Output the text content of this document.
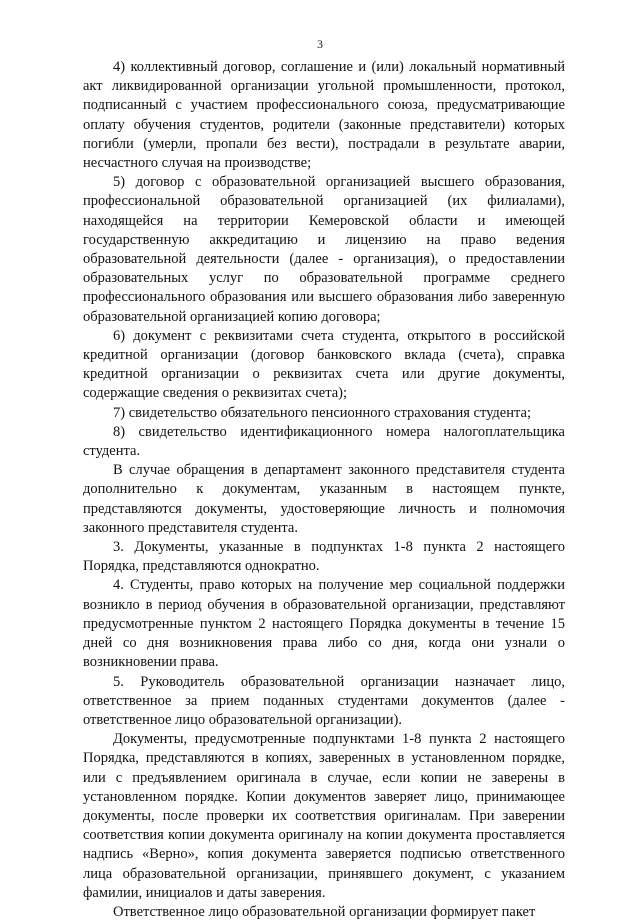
3

4) коллективный договор, соглашение и (или) локальный нормативный акт ликвидированной организации угольной промышленности, протокол, подписанный с участием профессионального союза, предусматривающие оплату обучения студентов, родители (законные представители) которых погибли (умерли, пропали без вести), пострадали в результате аварии, несчастного случая на производстве;

5) договор с образовательной организацией высшего образования, профессиональной образовательной организацией (их филиалами), находящейся на территории Кемеровской области и имеющей государственную аккредитацию и лицензию на право ведения образовательной деятельности (далее - организация), о предоставлении образовательных услуг по образовательной программе среднего профессионального образования или высшего образования либо заверенную образовательной организацией копию договора;

6) документ с реквизитами счета студента, открытого в российской кредитной организации (договор банковского вклада (счета), справка кредитной организации о реквизитах счета или другие документы, содержащие сведения о реквизитах счета);

7) свидетельство обязательного пенсионного страхования студента;

8) свидетельство идентификационного номера налогоплательщика студента.

В случае обращения в департамент законного представителя студента дополнительно к документам, указанным в настоящем пункте, представляются документы, удостоверяющие личность и полномочия законного представителя студента.

3. Документы, указанные в подпунктах 1-8 пункта 2 настоящего Порядка, представляются однократно.

4. Студенты, право которых на получение мер социальной поддержки возникло в период обучения в образовательной организации, представляют предусмотренные пунктом 2 настоящего Порядка документы в течение 15 дней со дня возникновения права либо со дня, когда они узнали о возникновении права.

5. Руководитель образовательной организации назначает лицо, ответственное за прием поданных студентами документов (далее - ответственное лицо образовательной организации).

Документы, предусмотренные подпунктами 1-8 пункта 2 настоящего Порядка, представляются в копиях, заверенных в установленном порядке, или с предъявлением оригинала в случае, если копии не заверены в установленном порядке. Копии документов заверяет лицо, принимающее документы, после проверки их соответствия оригиналам. При заверении соответствия копии документа оригиналу на копии документа проставляется надпись «Верно», копия документа заверяется подписью ответственного лица образовательной организации, принявшего документ, с указанием фамилии, инициалов и даты заверения.

Ответственное лицо образовательной организации формирует пакет
